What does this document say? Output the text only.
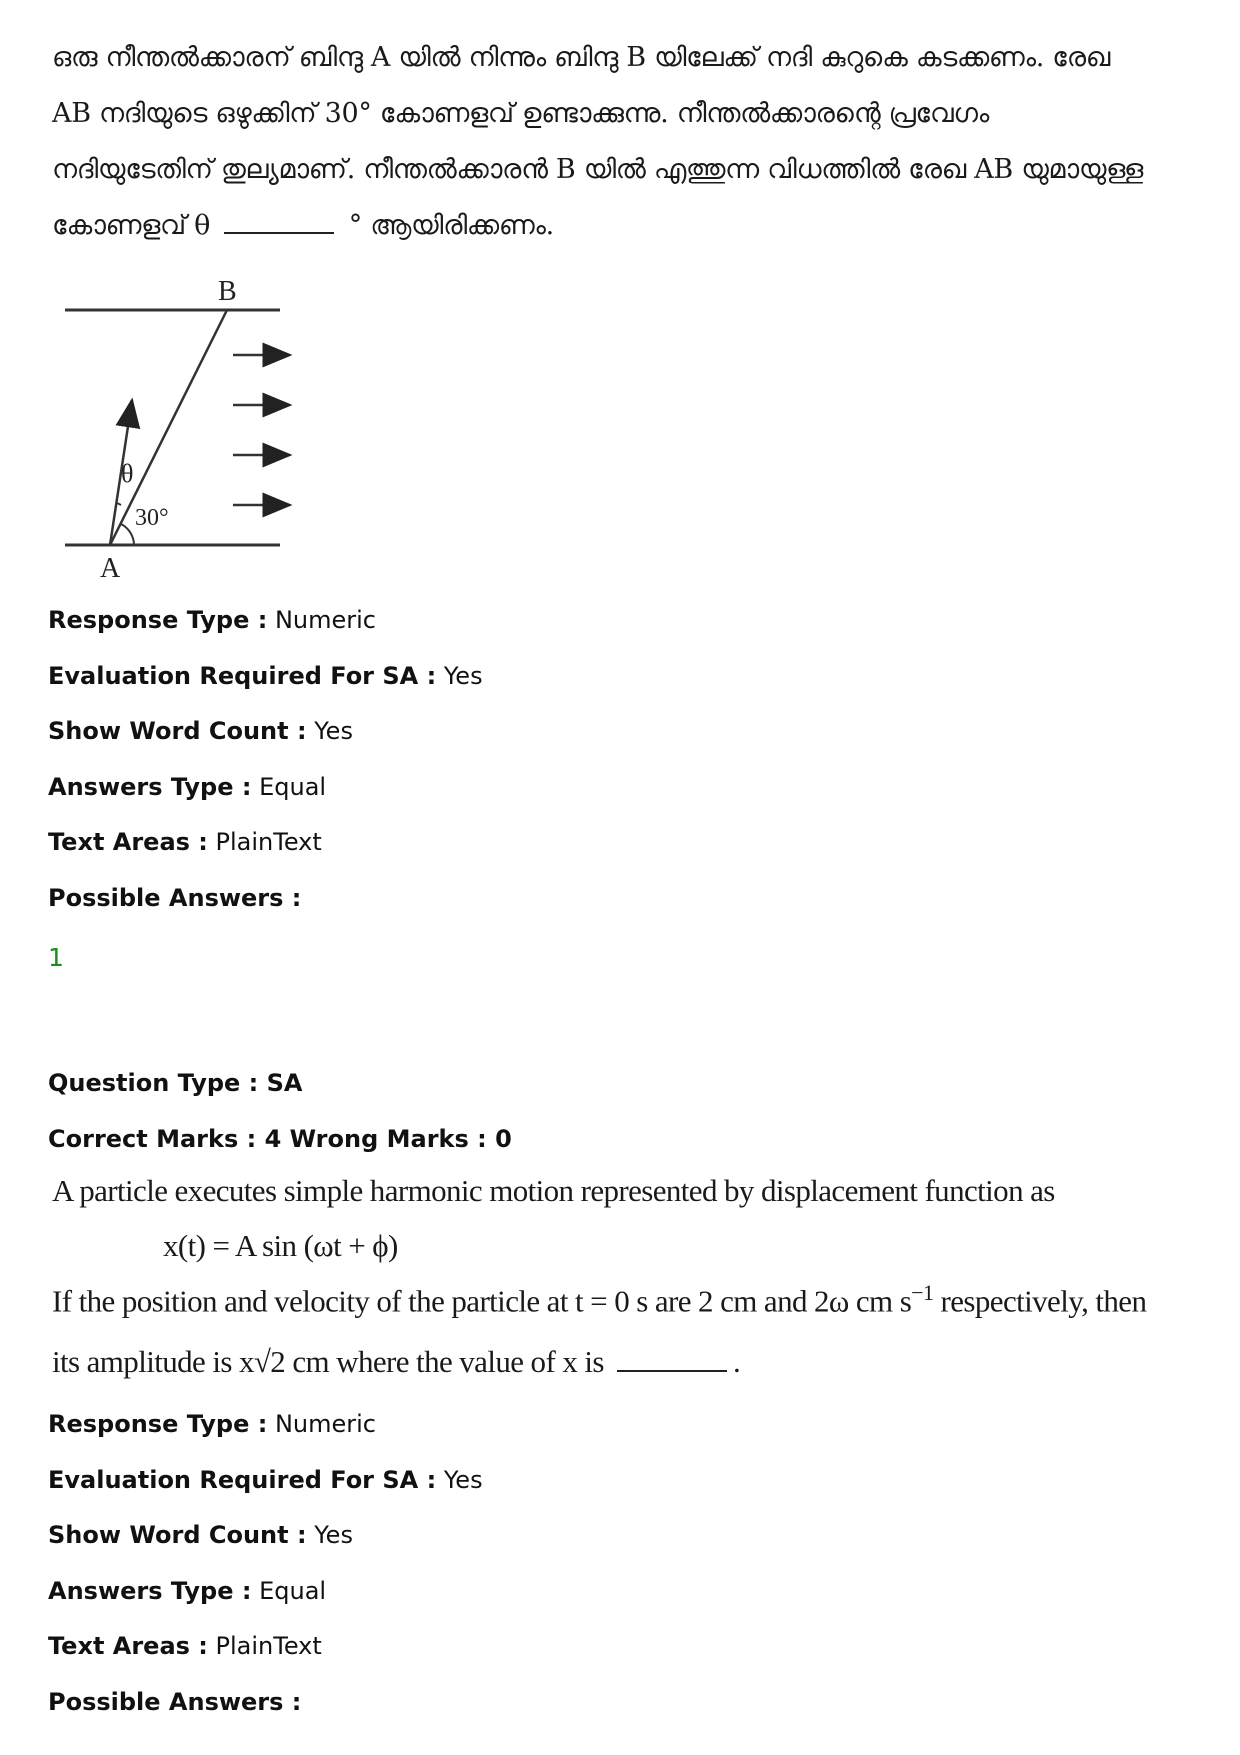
ഒരു നീന്തൽക്കാരന് ബിന്ദു A യിൽ നിന്നും ബിന്ദു B യിലേക്ക് നദി കുറുകെ കടക്കണം. രേഖ
AB നദിയുടെ ഒഴുക്കിന് 30° കോണളവ് ഉണ്ടാക്കുന്നു. നീന്തൽക്കാരന്റെ പ്രവേഗം
നദിയുടേതിന് തുല്യമാണ്. നീന്തൽക്കാരൻ B യിൽ എത്തുന്ന വിധത്തിൽ രേഖ AB യുമായുള്ള
കോണളവ് θ	° ആയിരിക്കണം.
B
A
θ
30°
Response Type : Numeric
Evaluation Required For SA : Yes
Show Word Count : Yes
Answers Type : Equal
Text Areas : PlainText
Possible Answers :
1
Question Type : SA
Correct Marks : 4 Wrong Marks : 0
A particle executes simple harmonic motion represented by displacement function as
x(t) = A sin (ωt + ϕ)
If the position and velocity of the particle at t = 0 s are 2 cm and 2ω cm $s^{-1}$ respectively, then
its amplitude is x√2 cm where the value of x is	.
Response Type : Numeric
Evaluation Required For SA : Yes
Show Word Count : Yes
Answers Type : Equal
Text Areas : PlainText
Possible Answers :
